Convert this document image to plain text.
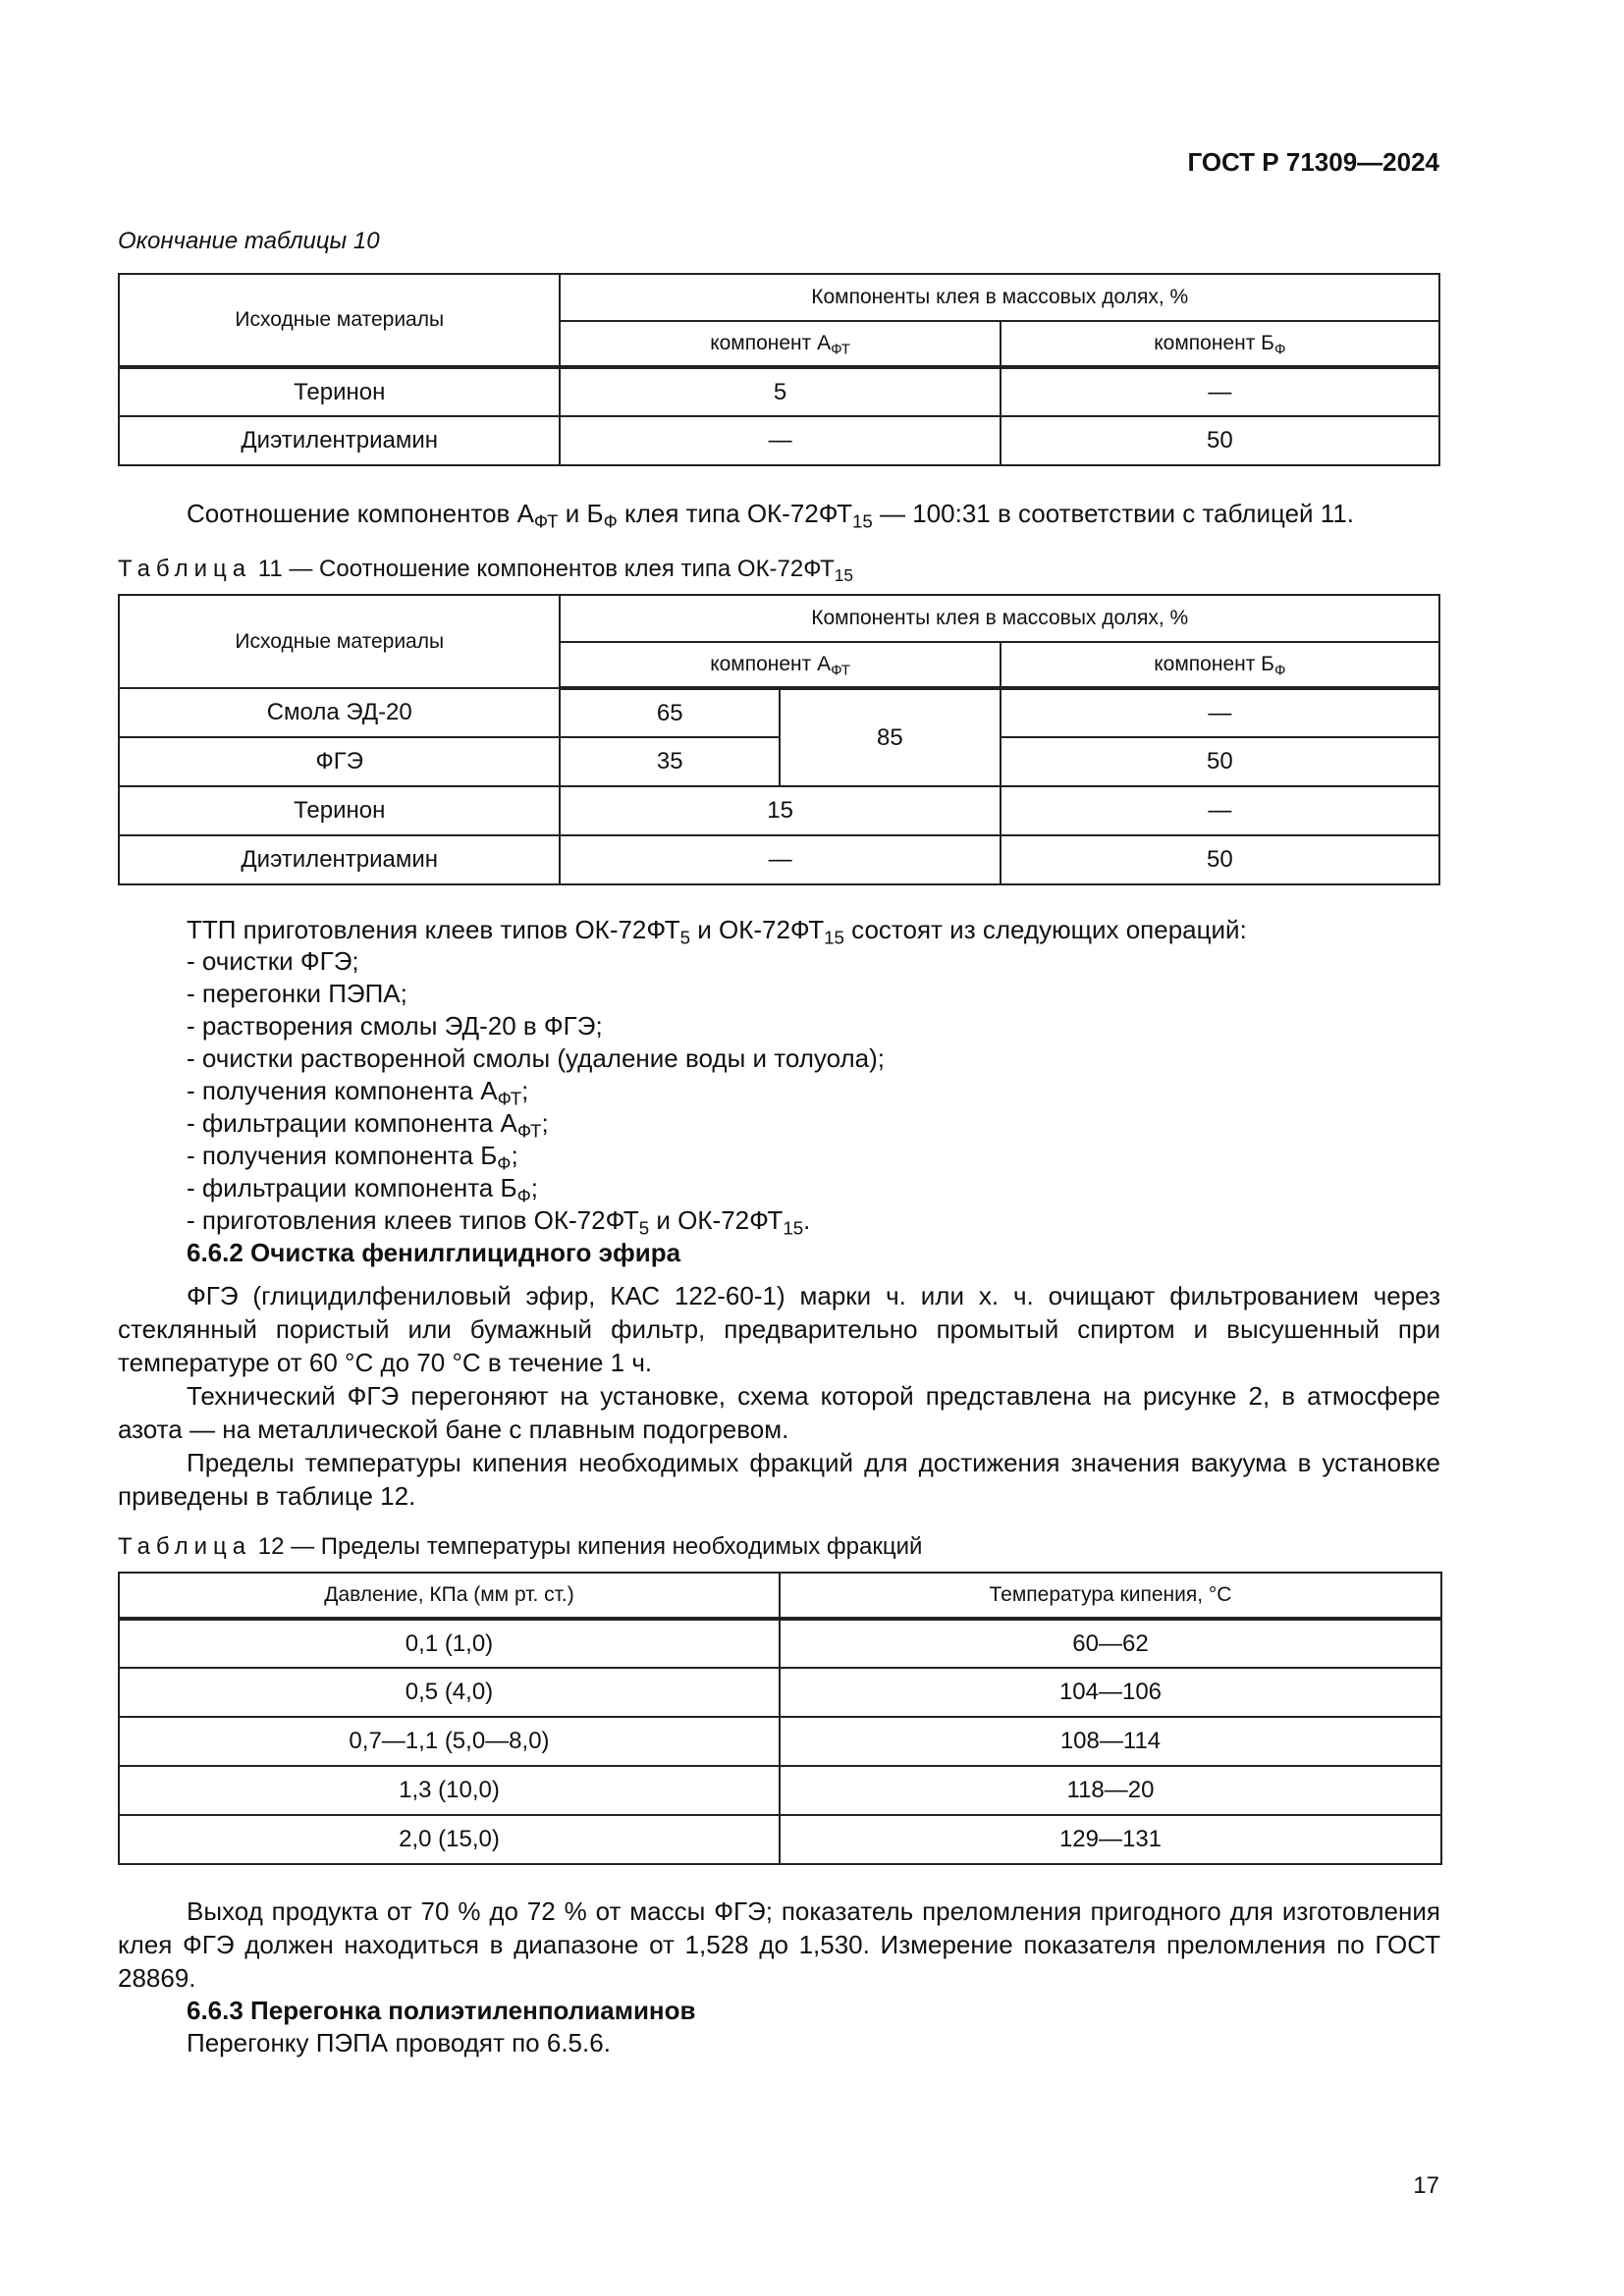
ГОСТ Р 71309—2024
Окончание таблицы 10
Исходные материалы	Компоненты клея в массовых долях, %	
	компонент $А_{ФТ}$	компонент $Б_Ф$
Теринон	5	—
Диэтилентриамин	—	50
Соотношение компонентов $А_{ФТ}$ и $Б_Ф$ клея типа $ОК-72ФТ_{15}$ — 100:31 в соответствии с таблицей 11.
Таблица 11 — Соотношение компонентов клея типа $ОК-72ФТ_{15}$
Исходные материалы	Компоненты клея в массовых долях, %		
	компонент $А_{ФТ}$		компонент $Б_Ф$
Смола ЭД-20	65	85	—
ФГЭ	35		50
Теринон	15		—
Диэтилентриамин	—		50
ТТП приготовления клеев типов $ОК-72ФТ_5$ и $ОК-72ФТ_{15}$ состоят из следующих операций:
- очистки ФГЭ;
- перегонки ПЭПА;
- растворения смолы ЭД-20 в ФГЭ;
- очистки растворенной смолы (удаление воды и толуола);
- получения компонента $А_{ФТ}$;
- фильтрации компонента $А_{ФТ}$;
- получения компонента $Б_Ф$;
- фильтрации компонента $Б_Ф$;
- приготовления клеев типов $ОК-72ФТ_5$ и $ОК-72ФТ_{15}$.
6.6.2 Очистка фенилглицидного эфира
ФГЭ (глицидилфениловый эфир, КАС 122-60-1) марки ч. или х. ч. очищают фильтрованием через стеклянный пористый или бумажный фильтр, предварительно промытый спиртом и высушенный при температуре от 60 °С до 70 °С в течение 1 ч.
Технический ФГЭ перегоняют на установке, схема которой представлена на рисунке 2, в атмосфере азота — на металлической бане с плавным подогревом.
Пределы температуры кипения необходимых фракций для достижения значения вакуума в установке приведены в таблице 12.
Таблица 12 — Пределы температуры кипения необходимых фракций
Давление, КПа (мм рт. ст.)	Температура кипения, °С
0,1 (1,0)	60—62
0,5 (4,0)	104—106
0,7—1,1 (5,0—8,0)	108—114
1,3 (10,0)	118—20
2,0 (15,0)	129—131
Выход продукта от 70 % до 72 % от массы ФГЭ; показатель преломления пригодного для изготовления клея ФГЭ должен находиться в диапазоне от 1,528 до 1,530. Измерение показателя преломления по ГОСТ 28869.
6.6.3 Перегонка полиэтиленполиаминов
Перегонку ПЭПА проводят по 6.5.6.
17
